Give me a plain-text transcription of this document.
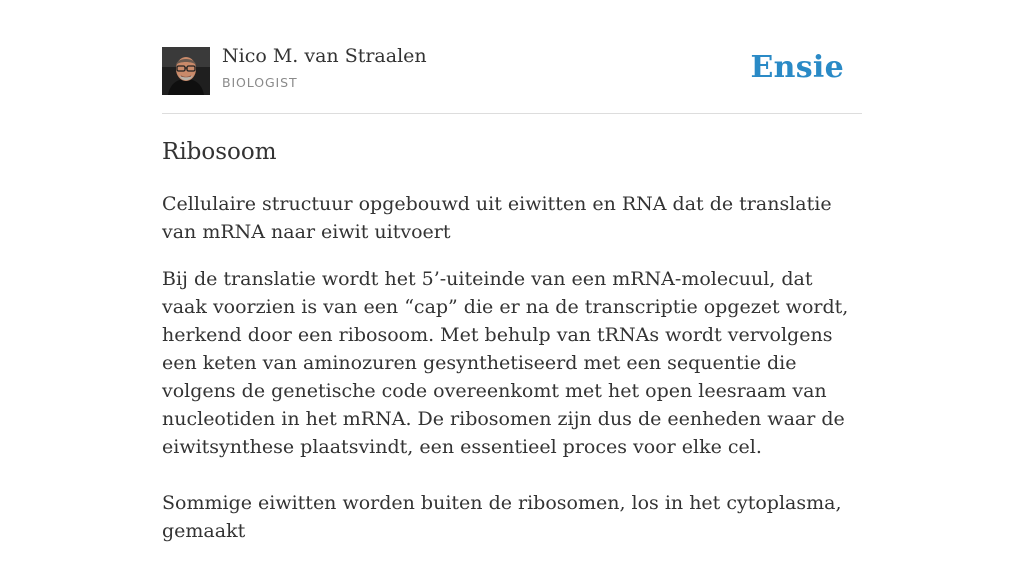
Nico M. van Straalen
BIOLOGIST	Ensie
Ribosoom

Cellulaire structuur opgebouwd uit eiwitten en RNA dat de translatie van mRNA naar eiwit uitvoert

Bij de translatie wordt het 5’-uiteinde van een mRNA-molecuul, dat vaak voorzien is van een “cap” die er na de transcriptie opgezet wordt, herkend door een ribosoom. Met behulp van tRNAs wordt vervolgens een keten van aminozuren gesynthetiseerd met een sequentie die volgens de genetische code overeenkomt met het open leesraam van nucleotiden in het mRNA. De ribosomen zijn dus de eenheden waar de eiwitsynthese plaatsvindt, een essentieel proces voor elke cel.

Sommige eiwitten worden buiten de ribosomen, los in het cytoplasma, gemaakt
